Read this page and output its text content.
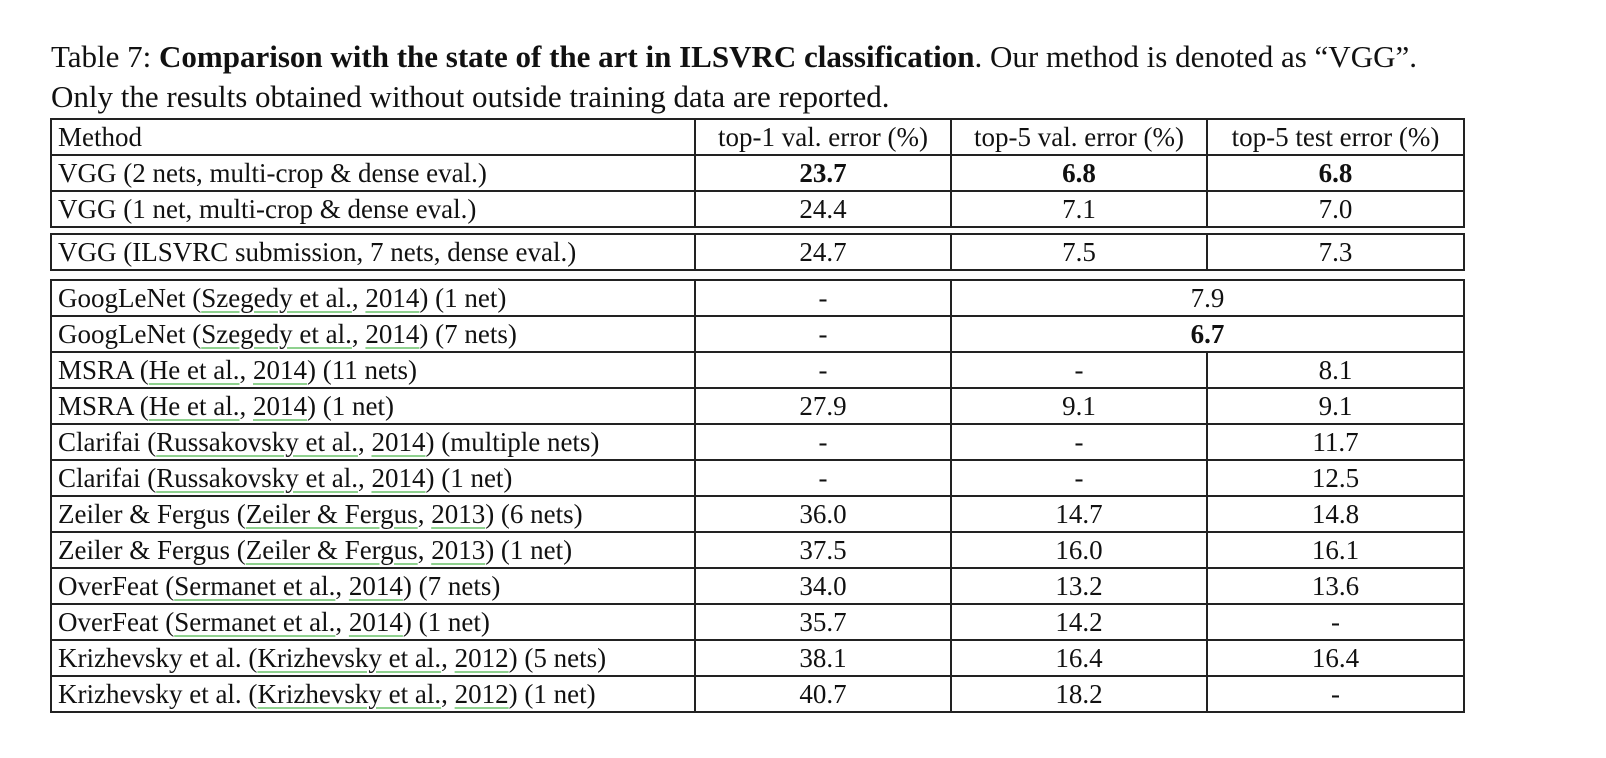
Table 7: Comparison with the state of the art in ILSVRC classification. Our method is denoted as “VGG”. Only the results obtained without outside training data are reported.

Method	top-1 val. error (%)	top-5 val. error (%)	top-5 test error (%)
VGG (2 nets, multi-crop & dense eval.)	23.7	6.8	6.8
VGG (1 net, multi-crop & dense eval.)	24.4	7.1	7.0
VGG (ILSVRC submission, 7 nets, dense eval.)	24.7	7.5	7.3
GoogLeNet (Szegedy et al., 2014) (1 net)	-	7.9	
GoogLeNet (Szegedy et al., 2014) (7 nets)	-	6.7	
MSRA (He et al., 2014) (11 nets)	-	-	8.1
MSRA (He et al., 2014) (1 net)	27.9	9.1	9.1
Clarifai (Russakovsky et al., 2014) (multiple nets)	-	-	11.7
Clarifai (Russakovsky et al., 2014) (1 net)	-	-	12.5
Zeiler & Fergus (Zeiler & Fergus, 2013) (6 nets)	36.0	14.7	14.8
Zeiler & Fergus (Zeiler & Fergus, 2013) (1 net)	37.5	16.0	16.1
OverFeat (Sermanet et al., 2014) (7 nets)	34.0	13.2	13.6
OverFeat (Sermanet et al., 2014) (1 net)	35.7	14.2	-
Krizhevsky et al. (Krizhevsky et al., 2012) (5 nets)	38.1	16.4	16.4
Krizhevsky et al. (Krizhevsky et al., 2012) (1 net)	40.7	18.2	-
